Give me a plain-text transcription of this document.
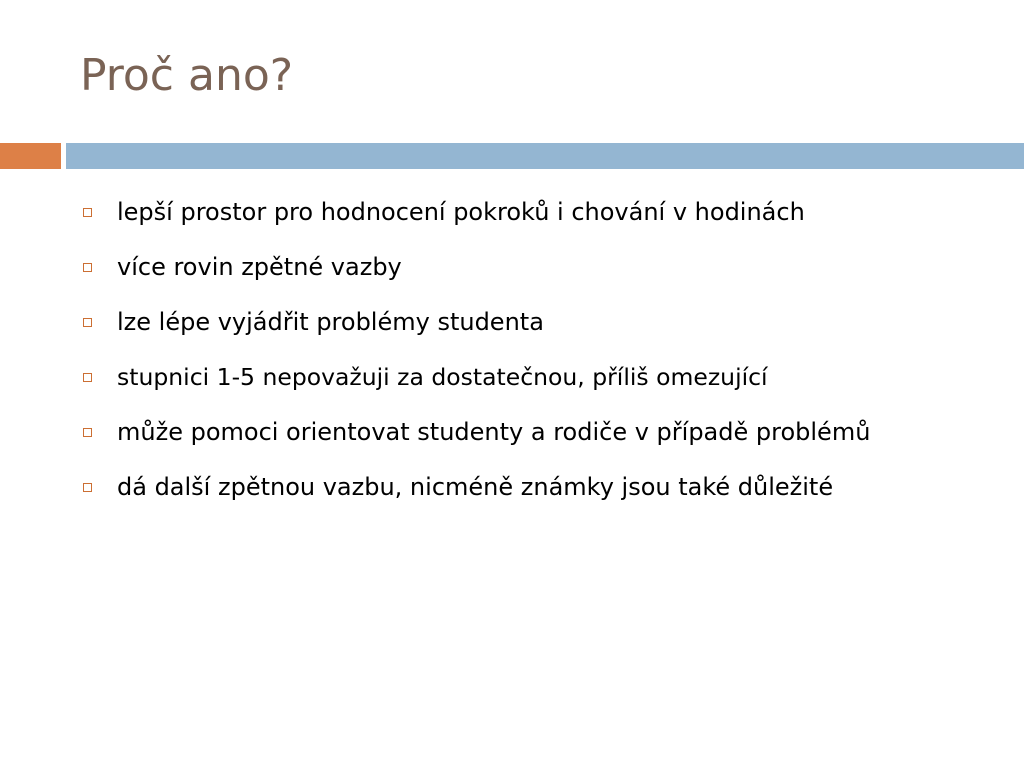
Proč ano?
lepší prostor pro hodnocení pokroků i chování v hodinách
více rovin zpětné vazby
lze lépe vyjádřit problémy studenta
stupnici 1-5 nepovažuji za dostatečnou, příliš omezující
může pomoci orientovat studenty a rodiče v případě problémů
dá další zpětnou vazbu, nicméně známky jsou také důležité
